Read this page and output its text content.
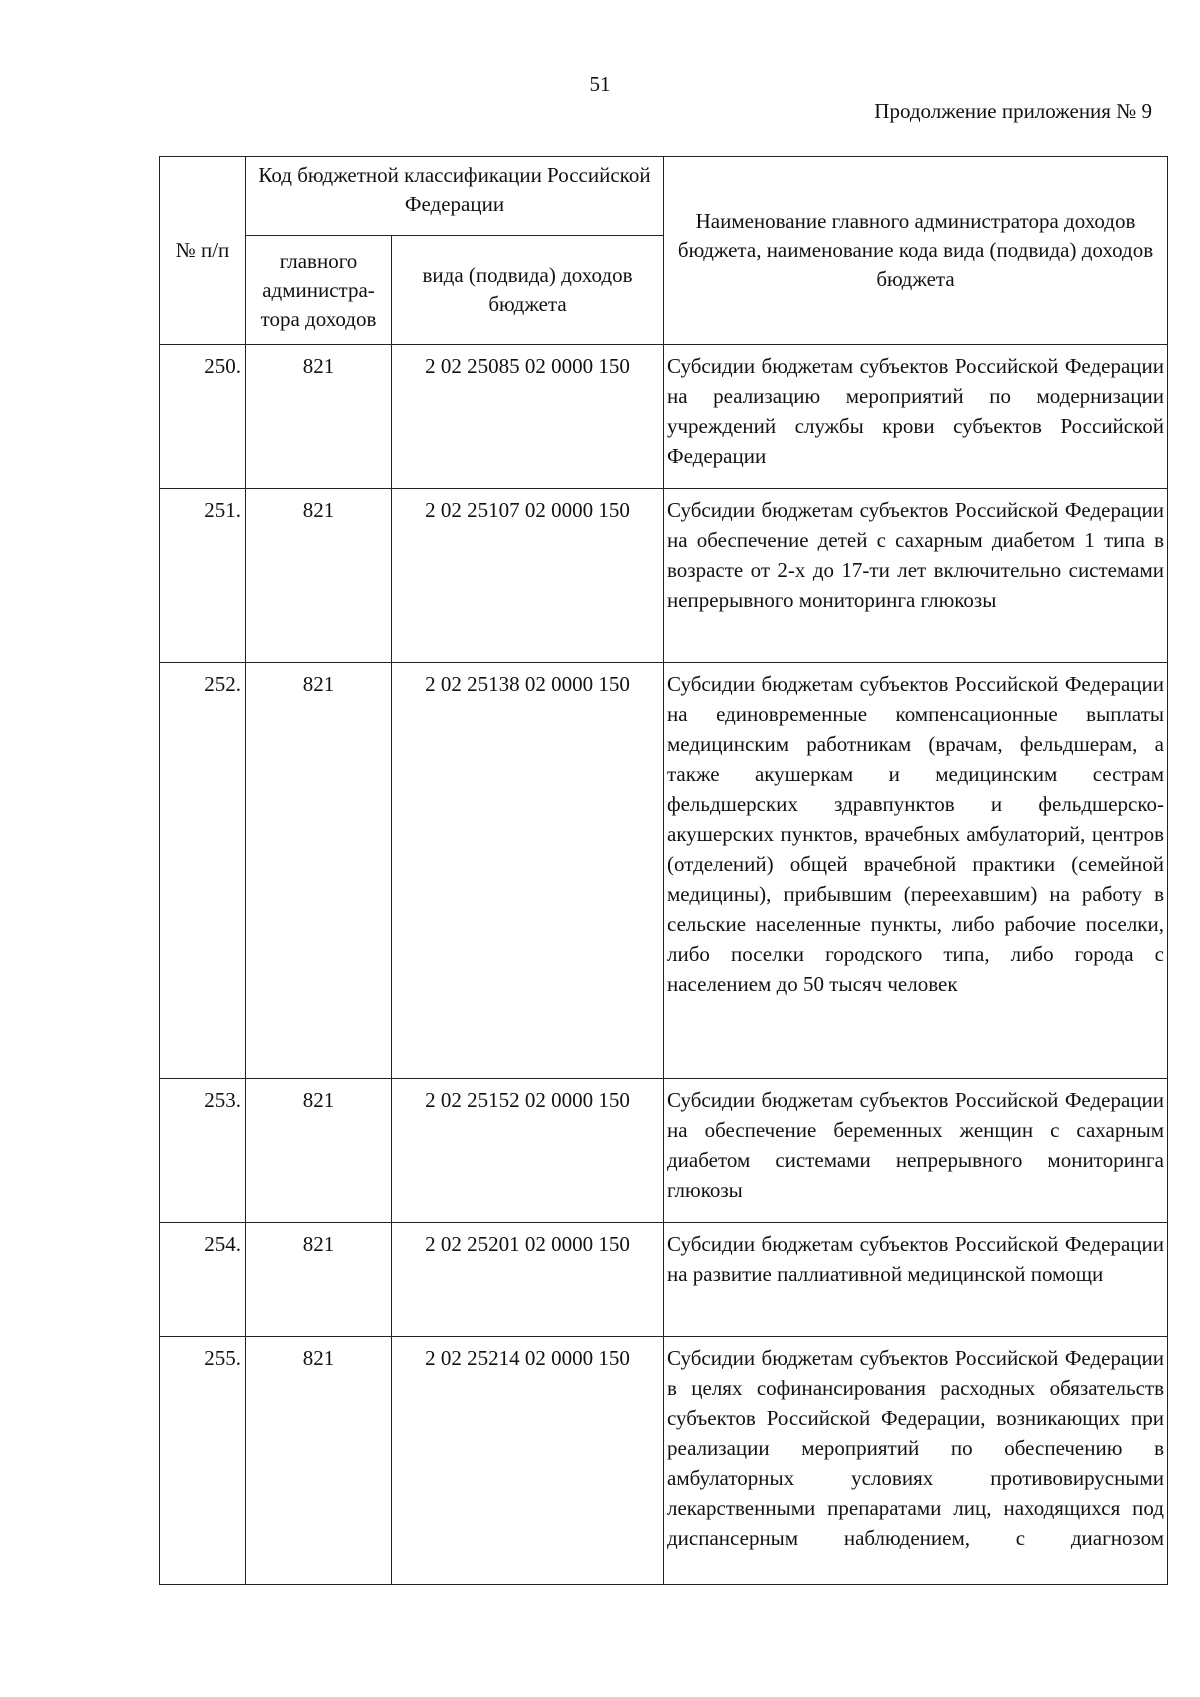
51
Продолжение приложения № 9
№ п/п	Код бюджетной классификации Российской Федерации		Наименование главного администратора доходов бюджета, наименование кода вида (подвида) доходов бюджета
	главного администра-тора доходов	вида (подвида) доходов бюджета	
250.	821	2 02 25085 02 0000 150	Субсидии бюджетам субъектов Российской Федерации на реализацию мероприятий по модернизации учреждений службы крови субъектов Российской Федерации
251.	821	2 02 25107 02 0000 150	Субсидии бюджетам субъектов Российской Федерации на обеспечение детей с сахарным диабетом 1 типа в возрасте от 2-х до 17-ти лет включительно системами непрерывного мониторинга глюкозы
252.	821	2 02 25138 02 0000 150	Субсидии бюджетам субъектов Российской Федерации на единовременные компенсационные выплаты медицинским работникам (врачам, фельдшерам, а также акушеркам и медицинским сестрам фельдшерских здравпунктов и фельдшерско-акушерских пунктов, врачебных амбулаторий, центров (отделений) общей врачебной практики (семейной медицины), прибывшим (переехавшим) на работу в сельские населенные пункты, либо рабочие поселки, либо поселки городского типа, либо города с населением до 50 тысяч человек
253.	821	2 02 25152 02 0000 150	Субсидии бюджетам субъектов Российской Федерации на обеспечение беременных женщин с сахарным диабетом системами непрерывного мониторинга глюкозы
254.	821	2 02 25201 02 0000 150	Субсидии бюджетам субъектов Российской Федерации на развитие паллиативной медицинской помощи
255.	821	2 02 25214 02 0000 150	Субсидии бюджетам субъектов Российской Федерации в целях софинансирования расходных обязательств субъектов Российской Федерации, возникающих при реализации мероприятий по обеспечению в амбулаторных условиях противовирусными лекарственными препаратами лиц, находящихся под диспансерным наблюдением, с диагнозом
